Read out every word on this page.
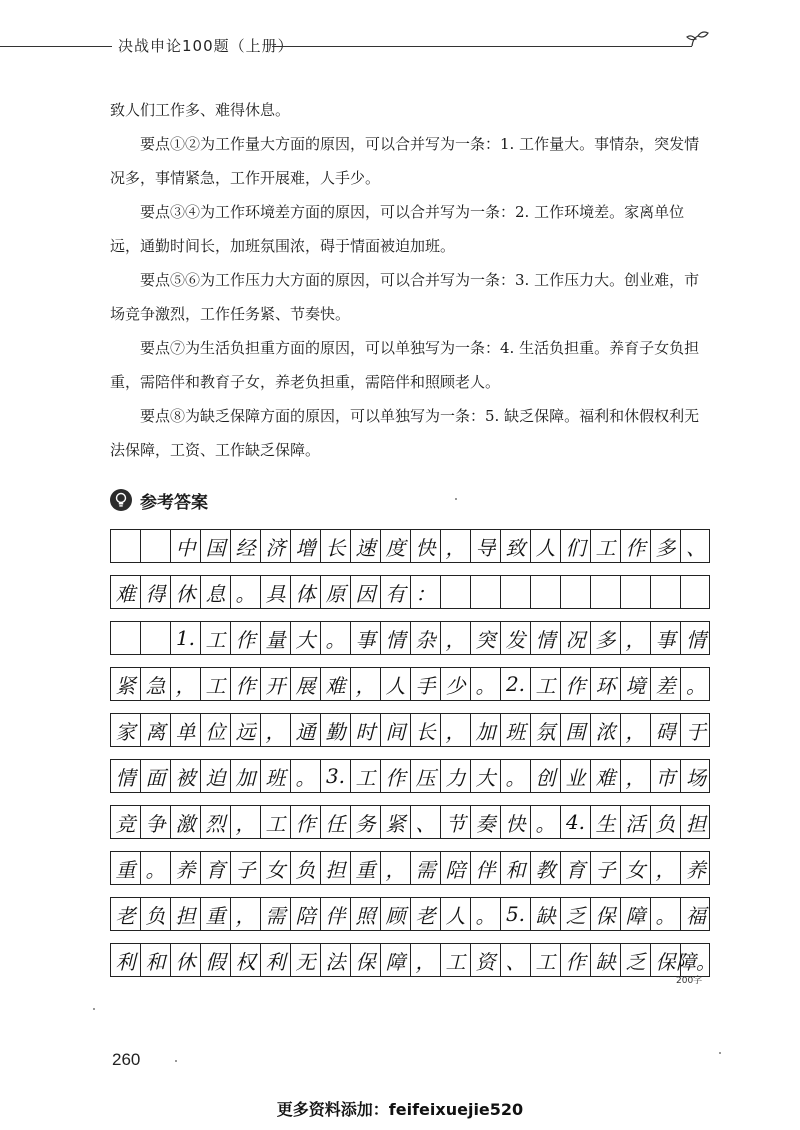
决战申论100题（上册）

致人们工作多、难得休息。

要点①②为工作量大方面的原因，可以合并写为一条：1. 工作量大。事情杂，突发情况多，事情紧急，工作开展难，人手少。

要点③④为工作环境差方面的原因，可以合并写为一条：2. 工作环境差。家离单位远，通勤时间长，加班氛围浓，碍于情面被迫加班。

要点⑤⑥为工作压力大方面的原因，可以合并写为一条：3. 工作压力大。创业难，市场竞争激烈，工作任务紧、节奏快。

要点⑦为生活负担重方面的原因，可以单独写为一条：4. 生活负担重。养育子女负担重，需陪伴和教育子女，养老负担重，需陪伴和照顾老人。

要点⑧为缺乏保障方面的原因，可以单独写为一条：5. 缺乏保障。福利和休假权利无法保障，工资、工作缺乏保障。

参考答案
中 国 经 济 增 长 速 度 快 ， 导 致 人 们 工 作 多 、
难 得 休 息 。 具 体 原 因 有 ：
1. 工 作 量 大 。 事 情 杂 ， 突 发 情 况 多 ， 事 情
紧 急 ， 工 作 开 展 难 ， 人 手 少 。 2. 工 作 环 境 差 。
家 离 单 位 远 ， 通 勤 时 间 长 ， 加 班 氛 围 浓 ， 碍 于
情 面 被 迫 加 班 。 3. 工 作 压 力 大 。 创 业 难 ， 市 场
竞 争 激 烈 ， 工 作 任 务 紧 、 节 奏 快 。 4. 生 活 负 担
重 。 养 育 子 女 负 担 重 ， 需 陪 伴 和 教 育 子 女 ， 养
老 负 担 重 ， 需 陪 伴 照 顾 老 人 。 5. 缺 乏 保 障 。 福
利 和 休 假 权 利 无 法 保 障 ， 工 资 、 工 作 缺 乏 保 障。
200字
260
更多资料添加：feifeixuejie520
